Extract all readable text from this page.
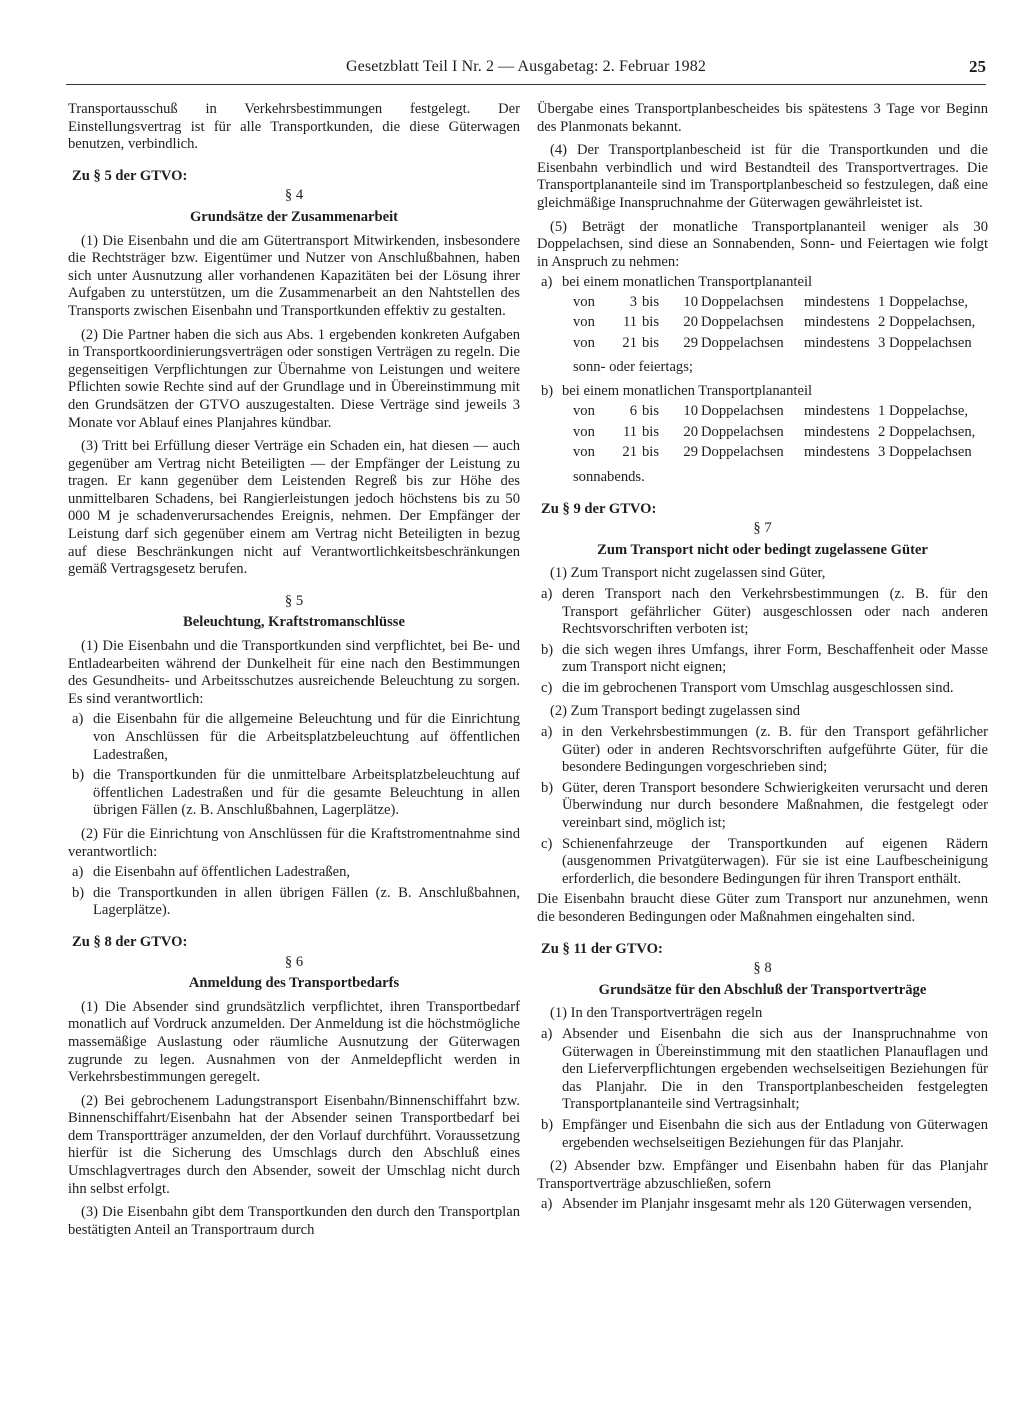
Gesetzblatt Teil I Nr. 2 — Ausgabetag: 2. Februar 1982	25

Transportausschuß in Verkehrsbestimmungen festgelegt. Der Einstellungsvertrag ist für alle Transportkunden, die diese Güterwagen benutzen, verbindlich.

Zu § 5 der GTVO:
§ 4
Grundsätze der Zusammenarbeit

(1) Die Eisenbahn und die am Gütertransport Mitwirkenden, insbesondere die Rechtsträger bzw. Eigentümer und Nutzer von Anschlußbahnen, haben sich unter Ausnutzung aller vorhandenen Kapazitäten bei der Lösung ihrer Aufgaben zu unterstützen, um die Zusammenarbeit an den Nahtstellen des Transports zwischen Eisenbahn und Transportkunden effektiv zu gestalten.

(2) Die Partner haben die sich aus Abs. 1 ergebenden konkreten Aufgaben in Transportkoordinierungsverträgen oder sonstigen Verträgen zu regeln. Die gegenseitigen Verpflichtungen zur Übernahme von Leistungen und weitere Pflichten sowie Rechte sind auf der Grundlage und in Übereinstimmung mit den Grundsätzen der GTVO auszugestalten. Diese Verträge sind jeweils 3 Monate vor Ablauf eines Planjahres kündbar.

(3) Tritt bei Erfüllung dieser Verträge ein Schaden ein, hat diesen — auch gegenüber am Vertrag nicht Beteiligten — der Empfänger der Leistung zu tragen. Er kann gegenüber dem Leistenden Regreß bis zur Höhe des unmittelbaren Schadens, bei Rangierleistungen jedoch höchstens bis zu 50 000 M je schadenverursachendes Ereignis, nehmen. Der Empfänger der Leistung darf sich gegenüber einem am Vertrag nicht Beteiligten in bezug auf diese Beschränkungen nicht auf Verantwortlichkeitsbeschränkungen gemäß Vertragsgesetz berufen.

§ 5
Beleuchtung, Kraftstromanschlüsse

(1) Die Eisenbahn und die Transportkunden sind verpflichtet, bei Be- und Entladearbeiten während der Dunkelheit für eine nach den Bestimmungen des Gesundheits- und Arbeitsschutzes ausreichende Beleuchtung zu sorgen. Es sind verantwortlich:

a) die Eisenbahn für die allgemeine Beleuchtung und für die Einrichtung von Anschlüssen für die Arbeitsplatzbeleuchtung auf öffentlichen Ladestraßen,
b) die Transportkunden für die unmittelbare Arbeitsplatzbeleuchtung auf öffentlichen Ladestraßen und für die gesamte Beleuchtung in allen übrigen Fällen (z. B. Anschlußbahnen, Lagerplätze).

(2) Für die Einrichtung von Anschlüssen für die Kraftstromentnahme sind verantwortlich:

a) die Eisenbahn auf öffentlichen Ladestraßen,
b) die Transportkunden in allen übrigen Fällen (z. B. Anschlußbahnen, Lagerplätze).
Zu § 8 der GTVO:
§ 6
Anmeldung des Transportbedarfs

(1) Die Absender sind grundsätzlich verpflichtet, ihren Transportbedarf monatlich auf Vordruck anzumelden. Der Anmeldung ist die höchstmögliche massemäßige Auslastung oder räumliche Ausnutzung der Güterwagen zugrunde zu legen. Ausnahmen von der Anmeldepflicht werden in Verkehrsbestimmungen geregelt.

(2) Bei gebrochenem Ladungstransport Eisenbahn/Binnenschiffahrt bzw. Binnenschiffahrt/Eisenbahn hat der Absender seinen Transportbedarf bei dem Transportträger anzumelden, der den Vorlauf durchführt. Voraussetzung hierfür ist die Sicherung des Umschlags durch den Abschluß eines Umschlagvertrages durch den Absender, soweit der Umschlag nicht durch ihn selbst erfolgt.

(3) Die Eisenbahn gibt dem Transportkunden den durch den Transportplan bestätigten Anteil an Transportraum durch

Übergabe eines Transportplanbescheides bis spätestens 3 Tage vor Beginn des Planmonats bekannt.

(4) Der Transportplanbescheid ist für die Transportkunden und die Eisenbahn verbindlich und wird Bestandteil des Transportvertrages. Die Transportplananteile sind im Transportplanbescheid so festzulegen, daß eine gleichmäßige Inanspruchnahme der Güterwagen gewährleistet ist.

(5) Beträgt der monatliche Transportplananteil weniger als 30 Doppelachsen, sind diese an Sonnabenden, Sonn- und Feiertagen wie folgt in Anspruch zu nehmen:

a) bei einem monatlichen Transportplananteil
von	3 bis	10 Doppelachsen	mindestens 1 Doppelachse,
von	11 bis	20 Doppelachsen	mindestens 2 Doppelachsen,
von	21 bis	29 Doppelachsen	mindestens 3 Doppelachsen
sonn- oder feiertags;
b) bei einem monatlichen Transportplananteil
von	6 bis	10 Doppelachsen	mindestens 1 Doppelachse,
von	11 bis	20 Doppelachsen	mindestens 2 Doppelachsen,
von	21 bis	29 Doppelachsen	mindestens 3 Doppelachsen
sonnabends.
Zu § 9 der GTVO:
§ 7
Zum Transport nicht oder bedingt zugelassene Güter

(1) Zum Transport nicht zugelassen sind Güter,

a) deren Transport nach den Verkehrsbestimmungen (z. B. für den Transport gefährlicher Güter) ausgeschlossen oder nach anderen Rechtsvorschriften verboten ist;
b) die sich wegen ihres Umfangs, ihrer Form, Beschaffenheit oder Masse zum Transport nicht eignen;
c) die im gebrochenen Transport vom Umschlag ausgeschlossen sind.

(2) Zum Transport bedingt zugelassen sind

a) in den Verkehrsbestimmungen (z. B. für den Transport gefährlicher Güter) oder in anderen Rechtsvorschriften aufgeführte Güter, für die besondere Bedingungen vorgeschrieben sind;
b) Güter, deren Transport besondere Schwierigkeiten verursacht und deren Überwindung nur durch besondere Maßnahmen, die festgelegt oder vereinbart sind, möglich ist;
c) Schienenfahrzeuge der Transportkunden auf eigenen Rädern (ausgenommen Privatgüterwagen). Für sie ist eine Laufbescheinigung erforderlich, die besondere Bedingungen für ihren Transport enthält.

Die Eisenbahn braucht diese Güter zum Transport nur anzunehmen, wenn die besonderen Bedingungen oder Maßnahmen eingehalten sind.

Zu § 11 der GTVO:
§ 8
Grundsätze für den Abschluß der Transportverträge

(1) In den Transportverträgen regeln

a) Absender und Eisenbahn die sich aus der Inanspruchnahme von Güterwagen in Übereinstimmung mit den staatlichen Planauflagen und den Lieferverpflichtungen ergebenden wechselseitigen Beziehungen für das Planjahr. Die in den Transportplanbescheiden festgelegten Transportplananteile sind Vertragsinhalt;
b) Empfänger und Eisenbahn die sich aus der Entladung von Güterwagen ergebenden wechselseitigen Beziehungen für das Planjahr.

(2) Absender bzw. Empfänger und Eisenbahn haben für das Planjahr Transportverträge abzuschließen, sofern

a) Absender im Planjahr insgesamt mehr als 120 Güterwagen versenden,
